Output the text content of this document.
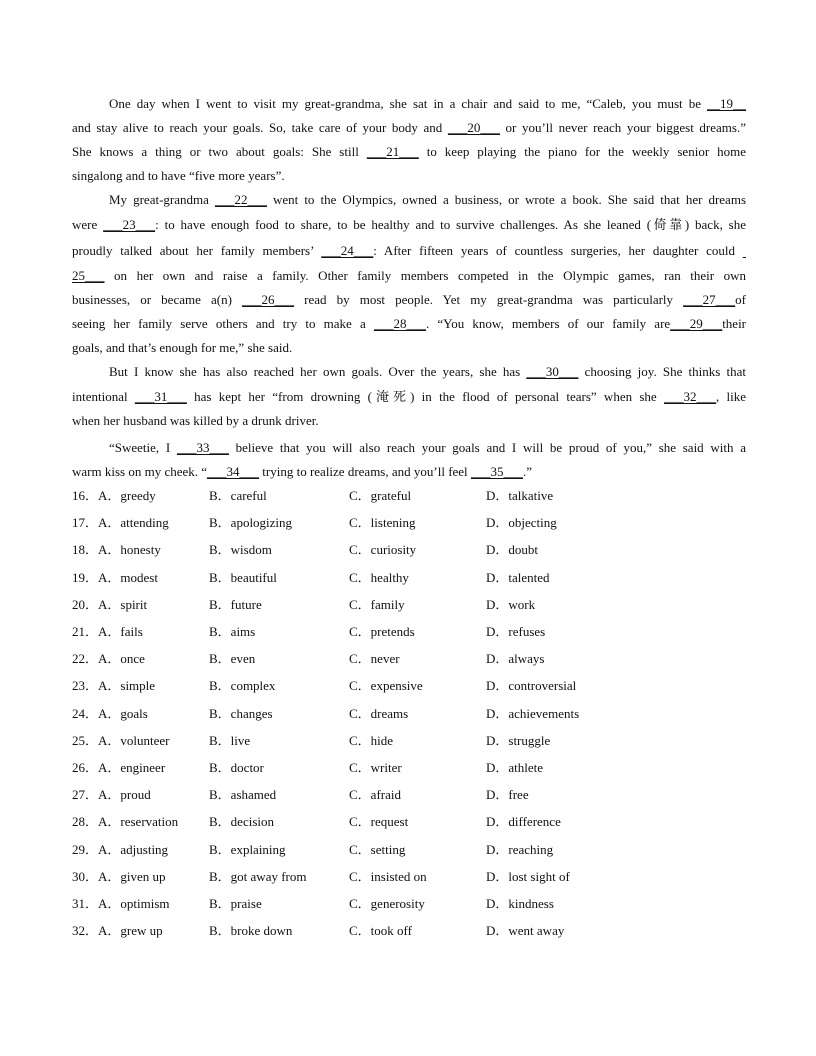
One day when I went to visit my great-grandma, she sat in a chair and said to me, “Caleb, you must be __19__
and stay alive to reach your goals. So, take care of your body and ___20___ or you’ll never reach your biggest dreams.”
She knows a thing or two about goals: She still ___21___ to keep playing the piano for the weekly senior home
singalong and to have “five more years”.
My great-grandma ___22___ went to the Olympics, owned a business, or wrote a book. She said that her dreams
were ___23___: to have enough food to share, to be healthy and to survive challenges. As she leaned (倚靠) back, she
proudly talked about her family members’ ___24___: After fifteen years of countless surgeries, her daughter could
25___ on her own and raise a family. Other family members competed in the Olympic games, ran their own
businesses, or became a(n) ___26___ read by most people. Yet my great-grandma was particularly ___27___of
seeing her family serve others and try to make a ___28___. “You know, members of our family are___29___their
goals, and that’s enough for me,” she said.
But I know she has also reached her own goals. Over the years, she has ___30___ choosing joy. She thinks that
intentional ___31___ has kept her “from drowning (淹死) in the flood of personal tears” when she ___32___, like
when her husband was killed by a drunk driver.
“Sweetie, I ___33___ believe that you will also reach your goals and I will be proud of you,” she said with a
warm kiss on my cheek. “___34___ trying to realize dreams, and you’ll feel ___35___.”
16．A．greedy	B．careful	C．grateful	D．talkative
17．A．attending	B．apologizing	C．listening	D．objecting
18．A．honesty	B．wisdom	C．curiosity	D．doubt
19．A．modest	B．beautiful	C．healthy	D．talented
20．A．spirit	B．future	C．family	D．work
21．A．fails	B．aims	C．pretends	D．refuses
22．A．once	B．even	C．never	D．always
23．A．simple	B．complex	C．expensive	D．controversial
24．A．goals	B．changes	C．dreams	D．achievements
25．A．volunteer	B．live	C．hide	D．struggle
26．A．engineer	B．doctor	C．writer	D．athlete
27．A．proud	B．ashamed	C．afraid	D．free
28．A．reservation B．decision	C．request	D．difference
29．A．adjusting	B．explaining	C．setting	D．reaching
30．A．given up	B．got away from	C．insisted on	D．lost sight of
31．A．optimism	B．praise	C．generosity	D．kindness
32．A．grew up	B．broke down	C．took off	D．went away
